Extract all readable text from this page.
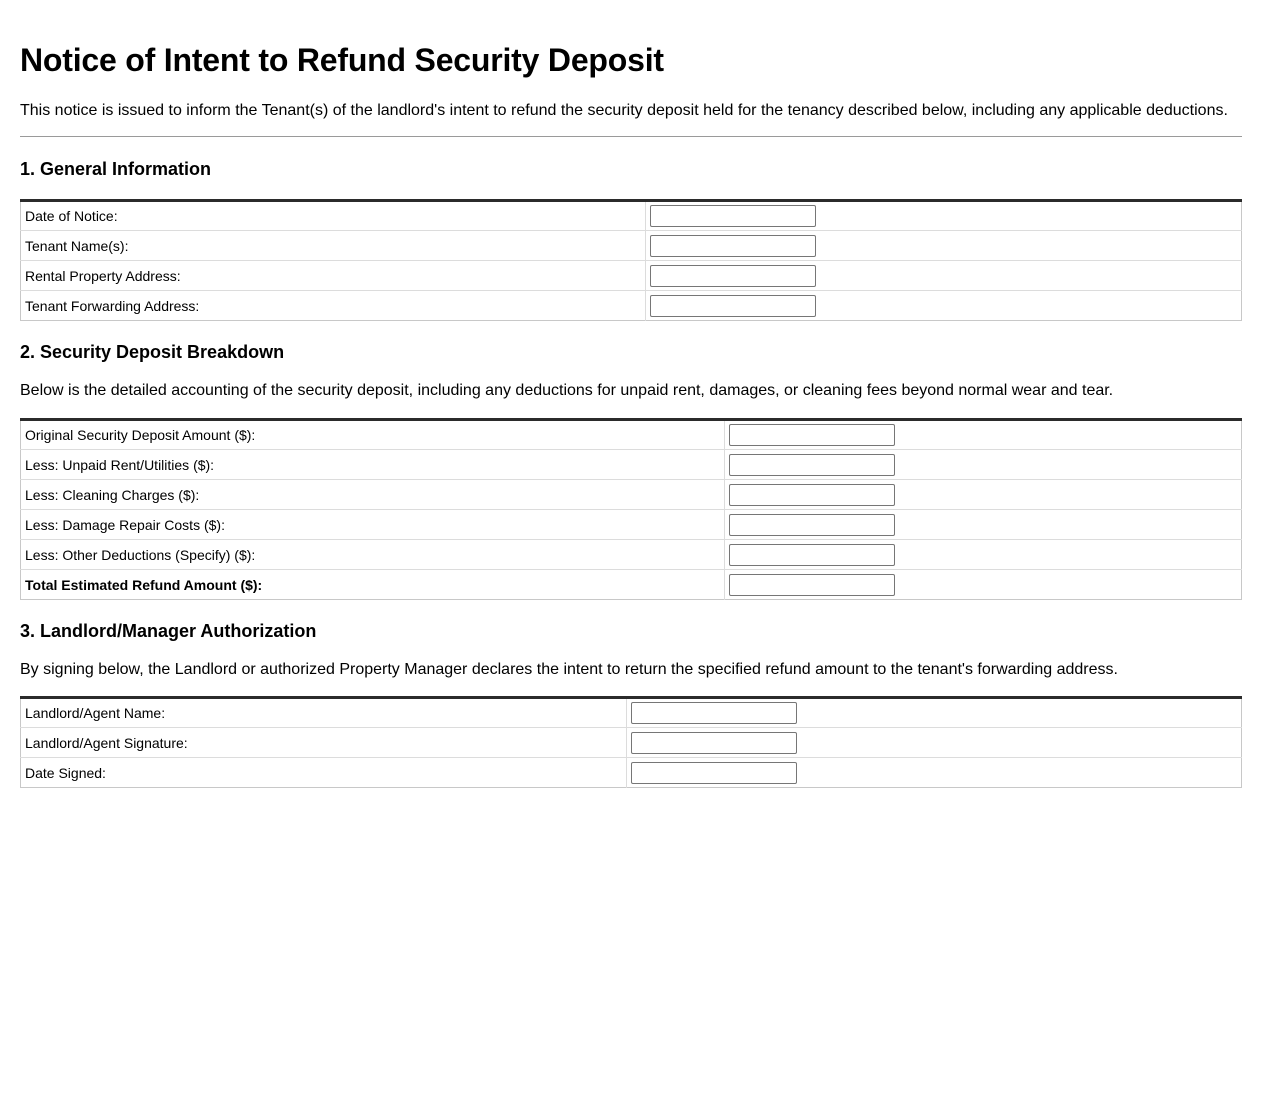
Notice of Intent to Refund Security Deposit

This notice is issued to inform the Tenant(s) of the landlord's intent to refund the security deposit held for the tenancy described below, including any applicable deductions.

1. General Information
Date of Notice:	

Tenant Name(s):	

Rental Property Address:	

Tenant Forwarding Address:	
2. Security Deposit Breakdown

Below is the detailed accounting of the security deposit, including any deductions for unpaid rent, damages, or cleaning fees beyond normal wear and tear.

Original Security Deposit Amount ($):	

Less: Unpaid Rent/Utilities ($):	

Less: Cleaning Charges ($):	

Less: Damage Repair Costs ($):	

Less: Other Deductions (Specify) ($):	

Total Estimated Refund Amount ($):	
3. Landlord/Manager Authorization

By signing below, the Landlord or authorized Property Manager declares the intent to return the specified refund amount to the tenant's forwarding address.

Landlord/Agent Name:	

Landlord/Agent Signature:	

Date Signed:	
